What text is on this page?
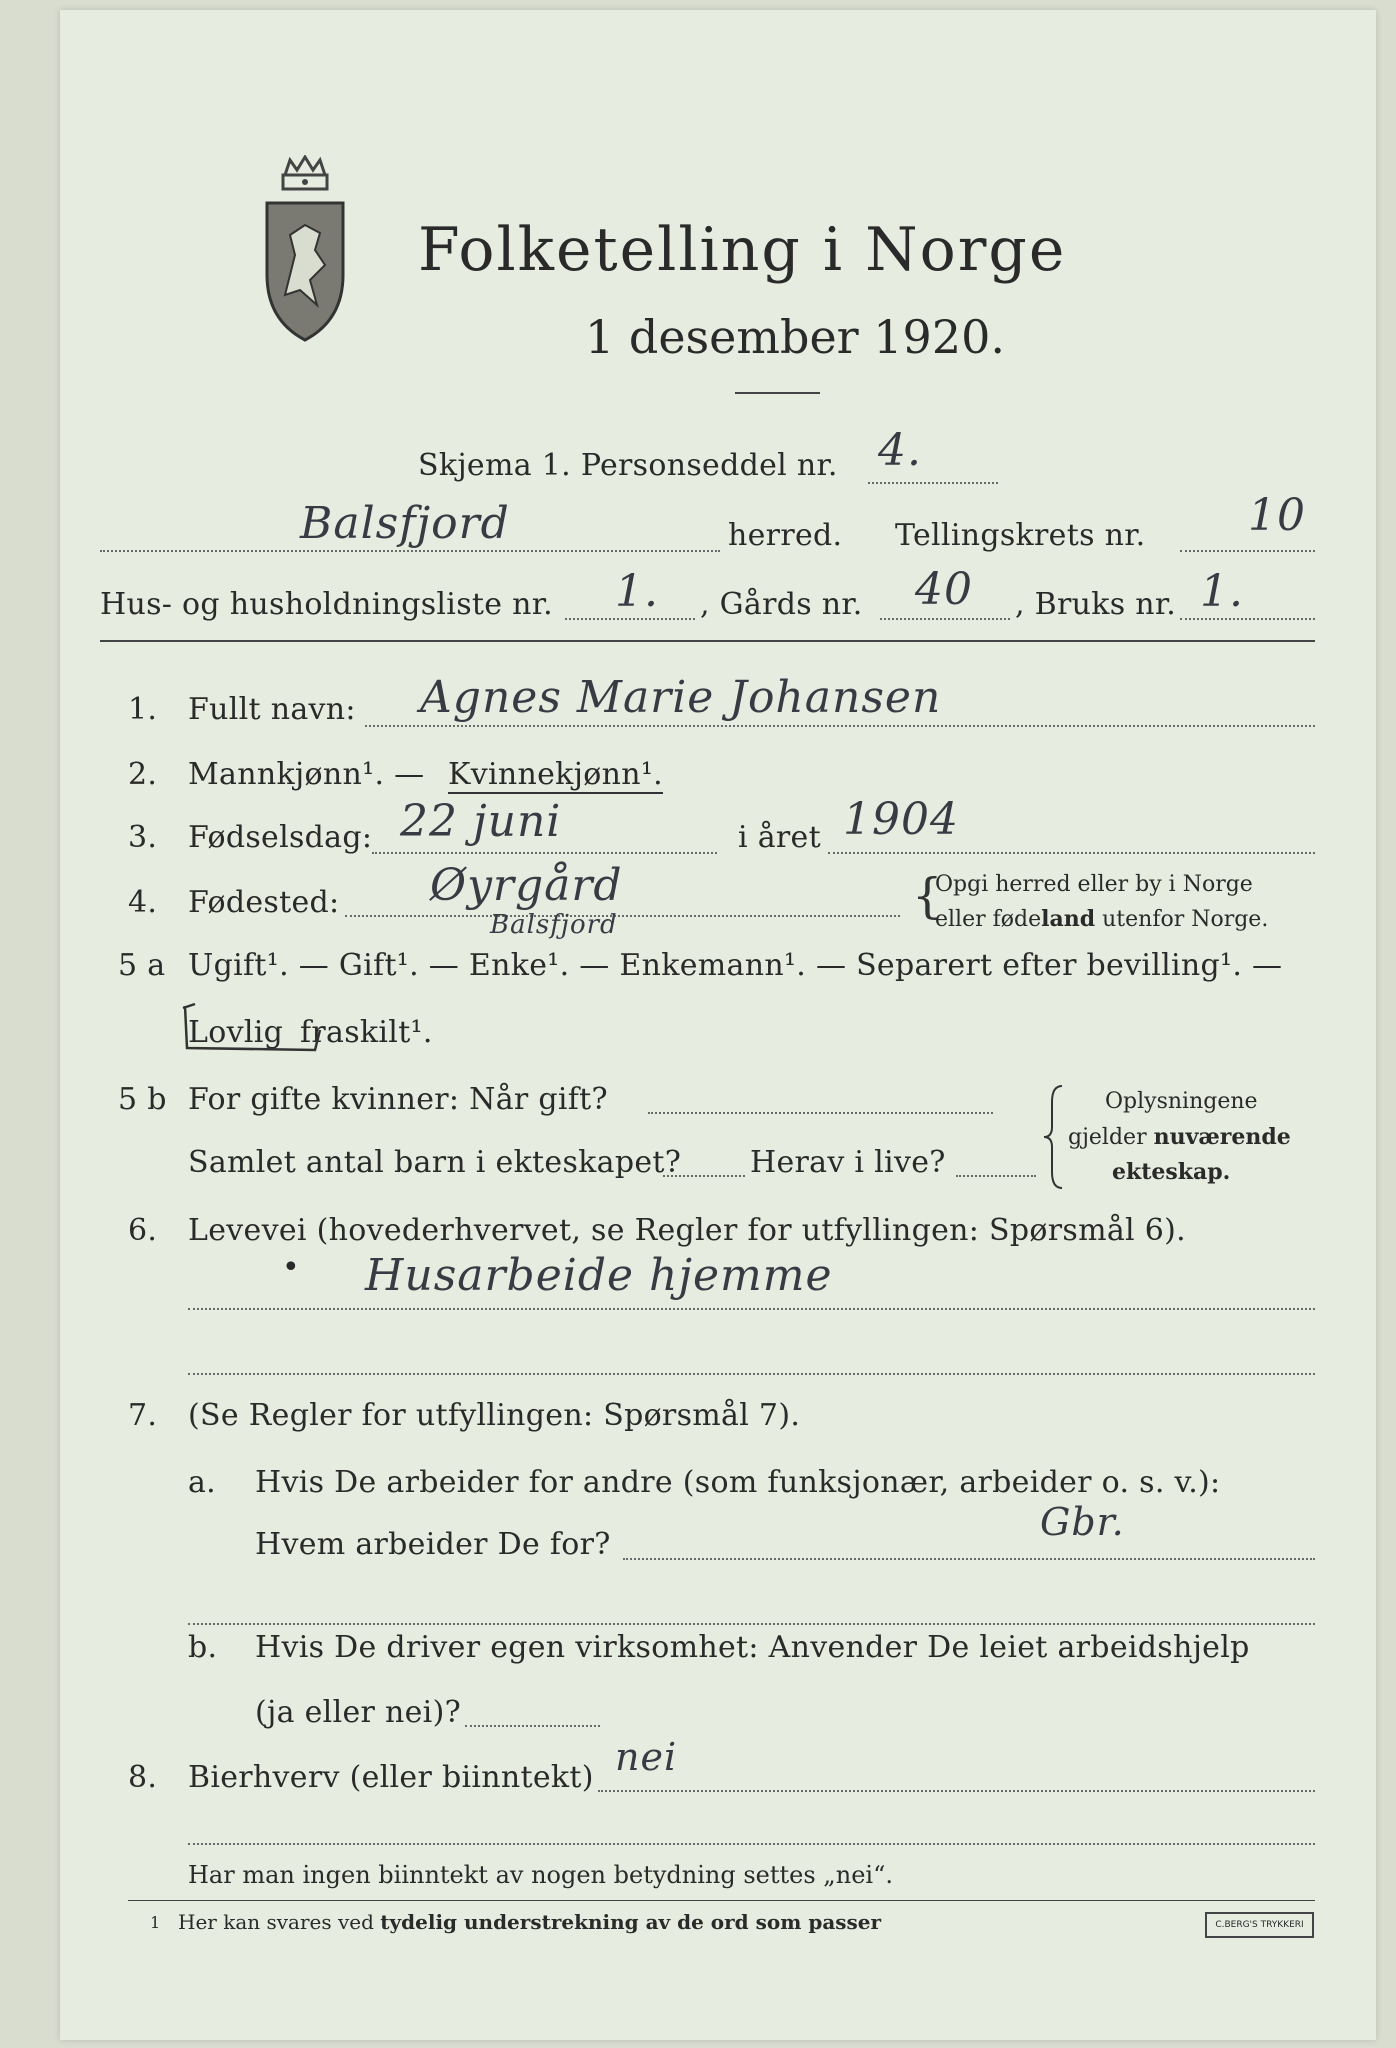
Folketelling i Norge
1 desember 1920.
Skjema 1. Personseddel nr. 4.
Balsfjord	herred. Tellingskrets nr. 10
Hus- og husholdningsliste nr. 1. , Gårds nr. 40 , Bruks nr. 1.
1. Fullt navn: Agnes Marie Johansen
2. Mannkjønn¹. — Kvinnekjønn¹.
3. Fødselsdag: 22 juni	i året 1904
4. Fødested: Øyrgård
Balsfjord
{
Opgi herred eller by i Norge
eller fødeland utenfor Norge.
5 a Ugift¹. — Gift¹. — Enke¹. — Enkemann¹. — Separert efter bevilling¹. —
Lovlig fraskilt¹.
5 b For gifte kvinner: Når gift?
Samlet antal barn i ekteskapet? Herav i live?
Oplysningene
gjelder nuværende
ekteskap.
6. Levevei (hovederhvervet, se Regler for utfyllingen: Spørsmål 6).
• Husarbeide hjemme
7. (Se Regler for utfyllingen: Spørsmål 7).
a. Hvis De arbeider for andre (som funksjonær, arbeider o. s. v.):
Hvem arbeider De for?
Gbr.
b. Hvis De driver egen virksomhet: Anvender De leiet arbeidshjelp
(ja eller nei)?
8. Bierhverv (eller biinntekt) nei
Har man ingen biinntekt av nogen betydning settes „nei“.
1 Her kan svares ved tydelig understrekning av de ord som passer	C.BERG'S TRYKKERI
